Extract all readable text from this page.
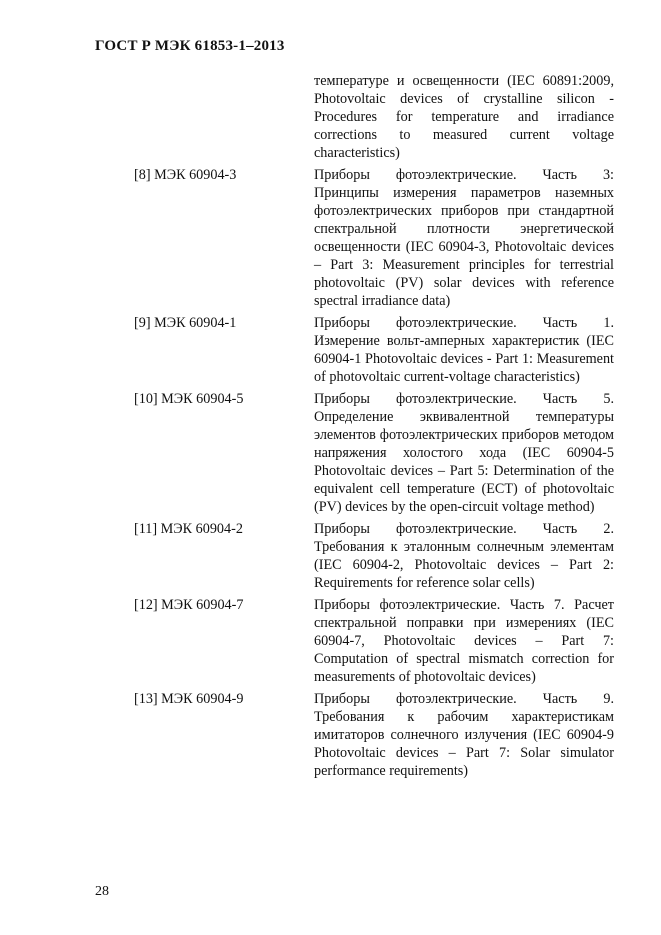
ГОСТ Р МЭК 61853-1–2013
температуре и освещенности (IEC 60891:2009, Photovoltaic devices of crystalline silicon - Procedures for temperature and irradiance corrections to measured current voltage characteristics)
[8] МЭК 60904-3	Приборы фотоэлектрические. Часть 3: Принципы измерения параметров наземных фотоэлектрических приборов при стандартной спектральной плотности энергетической освещенности (IEC 60904-3, Photovoltaic devices – Part 3: Measurement principles for terrestrial photovoltaic (PV) solar devices with reference spectral irradiance data)
[9] МЭК 60904-1	Приборы фотоэлектрические. Часть 1. Измерение вольт-амперных характеристик (IEC 60904-1 Photovoltaic devices - Part 1: Measurement of photovoltaic current-voltage characteristics)
[10] МЭК 60904-5	Приборы фотоэлектрические. Часть 5. Определение эквивалентной температуры элементов фотоэлектрических приборов методом напряжения холостого хода (IEC 60904-5 Photovoltaic devices – Part 5: Determination of the equivalent cell temperature (ECT) of photovoltaic (PV) devices by the open-circuit voltage method)
[11] МЭК 60904-2	Приборы фотоэлектрические. Часть 2. Требования к эталонным солнечным элементам (IEC 60904-2, Photovoltaic devices – Part 2: Requirements for reference solar cells)
[12] МЭК 60904-7	Приборы фотоэлектрические. Часть 7. Расчет спектральной поправки при измерениях (IEC 60904-7, Photovoltaic devices – Part 7: Computation of spectral mismatch correction for measurements of photovoltaic devices)
[13] МЭК 60904-9	Приборы фотоэлектрические. Часть 9. Требования к рабочим характеристикам имитаторов солнечного излучения (IEC 60904-9 Photovoltaic devices – Part 7: Solar simulator performance requirements)
28
